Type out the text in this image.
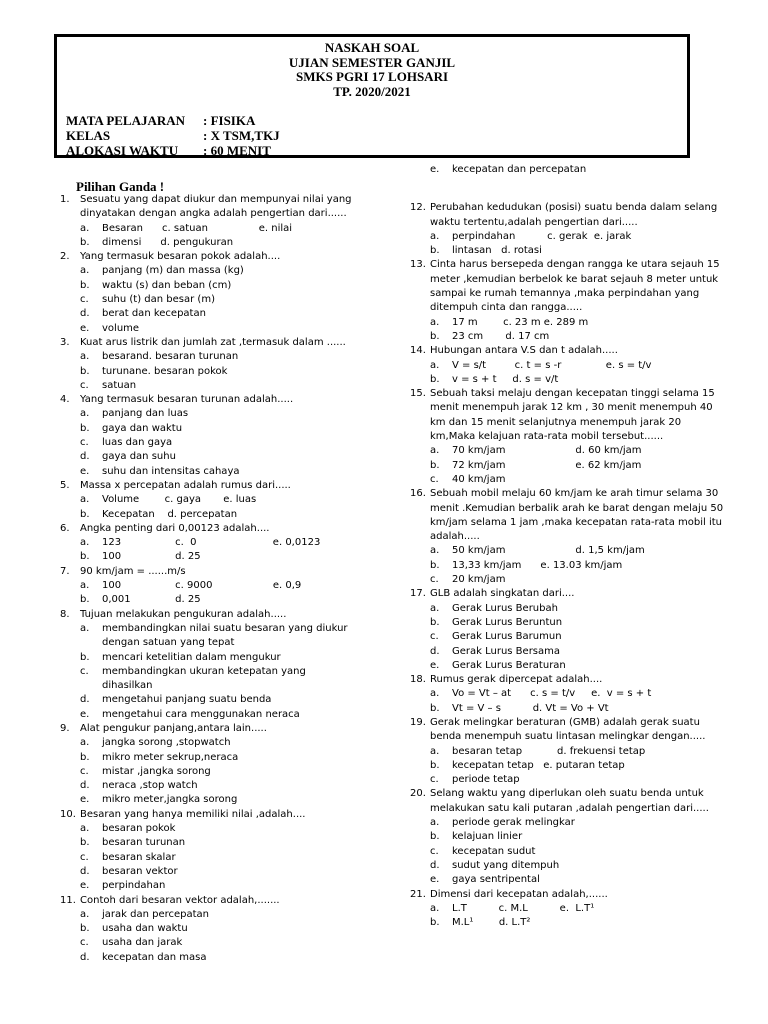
NASKAH SOAL
UJIAN SEMESTER GANJIL
SMKS PGRI 17 LOHSARI
TP. 2020/2021
MATA PELAJARAN	: FISIKA
KELAS	: X TSM,TKJ
ALOKASI WAKTU	: 60 MENIT
Pilihan Ganda !
1.	Sesuatu yang dapat diukur dan mempunyai nilai yang dinyatakan dengan angka adalah pengertian dari......
a.	Besaran      c. satuan                e. nilai
b.	dimensi      d. pengukuran
2.	Yang termasuk besaran pokok adalah....
a.	panjang (m) dan massa (kg)
b.	waktu (s) dan beban (cm)
c.	suhu (t) dan besar (m)
d.	berat dan kecepatan
e.	volume
3.	Kuat arus listrik dan jumlah zat ,termasuk dalam ......
a.	besarand. besaran turunan
b.	turunane. besaran pokok
c.	satuan
4.	Yang termasuk besaran turunan adalah.....
a.	panjang dan luas
b.	gaya dan waktu
c.	luas dan gaya
d.	gaya dan suhu
e.	suhu dan intensitas cahaya
5.	Massa x percepatan adalah rumus dari.....
a.	Volume        c. gaya       e. luas
b.	Kecepatan    d. percepatan
6.	Angka penting dari 0,00123 adalah....
a.	123                 c.  0                        e. 0,0123
b.	100                 d. 25
7.	90 km/jam = ......m/s
a.	100                 c. 9000                   e. 0,9
b.	0,001              d. 25
8.	Tujuan melakukan pengukuran adalah.....
a.	membandingkan nilai suatu besaran yang diukur
dengan satuan yang tepat
b.	mencari ketelitian dalam mengukur
c.	membandingkan ukuran ketepatan yang
dihasilkan
d.	mengetahui panjang suatu benda
e.	mengetahui cara menggunakan neraca
9.	Alat pengukur panjang,antara lain.....
a.	jangka sorong ,stopwatch
b.	mikro meter sekrup,neraca
c.	mistar ,jangka sorong
d.	neraca ,stop watch
e.	mikro meter,jangka sorong
10. Besaran yang hanya memiliki nilai ,adalah....
a.	besaran pokok
b.	besaran turunan
c.	besaran skalar
d.	besaran vektor
e.	perpindahan
11. Contoh dari besaran vektor adalah,.......
a.	jarak dan percepatan
b.	usaha dan waktu
c.	usaha dan jarak
d.	kecepatan dan masa
e.	kecepatan dan percepatan
12. Perubahan kedudukan (posisi) suatu benda dalam selang waktu tertentu,adalah pengertian dari.....
a.	perpindahan          c. gerak  e. jarak
b.	lintasan   d. rotasi
13. Cinta harus bersepeda dengan rangga ke utara sejauh 15 meter ,kemudian berbelok ke barat sejauh 8 meter untuk sampai ke rumah temannya ,maka perpindahan yang ditempuh cinta dan rangga.....
a.	17 m        c. 23 m e. 289 m
b.	23 cm       d. 17 cm
14. Hubungan antara V.S dan t adalah.....
a.	V = s/t         c. t = s -r              e. s = t/v
b.	v = s + t     d. s = v/t
15. Sebuah taksi melaju dengan kecepatan tinggi selama 15 menit menempuh jarak 12 km , 30 menit menempuh 40 km dan 15 menit selanjutnya menempuh jarak 20 km,Maka kelajuan rata-rata mobil tersebut......
a.	70 km/jam                      d. 60 km/jam
b.	72 km/jam                      e. 62 km/jam
c.	40 km/jam
16. Sebuah mobil melaju 60 km/jam ke arah timur selama 30 menit .Kemudian berbalik arah ke barat dengan melaju 50 km/jam selama 1 jam ,maka kecepatan rata-rata mobil itu adalah.....
a.	50 km/jam                      d. 1,5 km/jam
b.	13,33 km/jam      e. 13.03 km/jam
c.	20 km/jam
17. GLB adalah singkatan dari....
a.	Gerak Lurus Berubah
b.	Gerak Lurus Beruntun
c.	Gerak Lurus Barumun
d.	Gerak Lurus Bersama
e.	Gerak Lurus Beraturan
18. Rumus gerak dipercepat adalah....
a.	Vo = Vt – at      c. s = t/v     e.  v = s + t
b.	Vt = V – s          d. Vt = Vo + Vt
19. Gerak melingkar beraturan (GMB) adalah gerak suatu benda menempuh suatu lintasan melingkar dengan.....
a.	besaran tetap           d. frekuensi tetap
b.	kecepatan tetap   e. putaran tetap
c.	periode tetap
20. Selang waktu yang diperlukan oleh suatu benda untuk melakukan satu kali putaran ,adalah pengertian dari.....
a.	periode gerak melingkar
b.	kelajuan linier
c.	kecepatan sudut
d.	sudut yang ditempuh
e.	gaya sentripental
21. Dimensi dari kecepatan adalah,......
a.	L.T          c. M.L          e.  L.T¹
b.	M.L¹        d. L.T²
